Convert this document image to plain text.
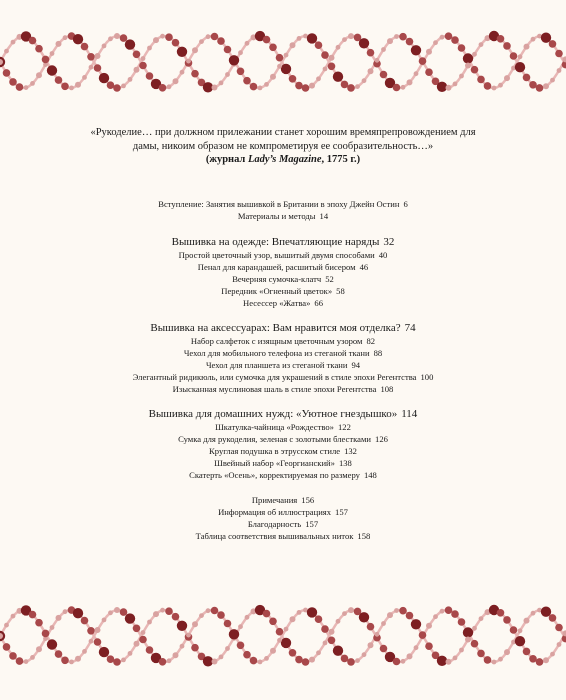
«Рукоделие… при должном прилежании станет хорошим времяпрепровождением для
дамы, никоим образом не компрометируя ее сообразительность…»
(журнал Lady’s Magazine, 1775 г.)
Вступление: Занятия вышивкой в Британии в эпоху Джейн Остин 6
Материалы и методы 14
Вышивка на одежде: Впечатляющие наряды 32
Простой цветочный узор, вышитый двумя способами 40
Пенал для карандашей, расшитый бисером 46
Вечерняя сумочка-клатч 52
Передник «Огненный цветок» 58
Несессер «Жатва» 66
Вышивка на аксессуарах: Вам нравится моя отделка? 74
Набор салфеток с изящным цветочным узором 82
Чехол для мобильного телефона из стеганой ткани 88
Чехол для планшета из стеганой ткани 94
Элегантный ридикюль, или сумочка для украшений в стиле эпохи Регентства 100
Изысканная муслиновая шаль в стиле эпохи Регентства 108
Вышивка для домашних нужд: «Уютное гнездышко» 114
Шкатулка-чайница «Рождество» 122
Сумка для рукоделия, зеленая с золотыми блестками 126
Круглая подушка в этрусском стиле 132
Швейный набор «Георгианский» 138
Скатерть «Осень», корректируемая по размеру 148
Примечания 156
Информация об иллюстрациях 157
Благодарность 157
Таблица соответствия вышивальных ниток 158
